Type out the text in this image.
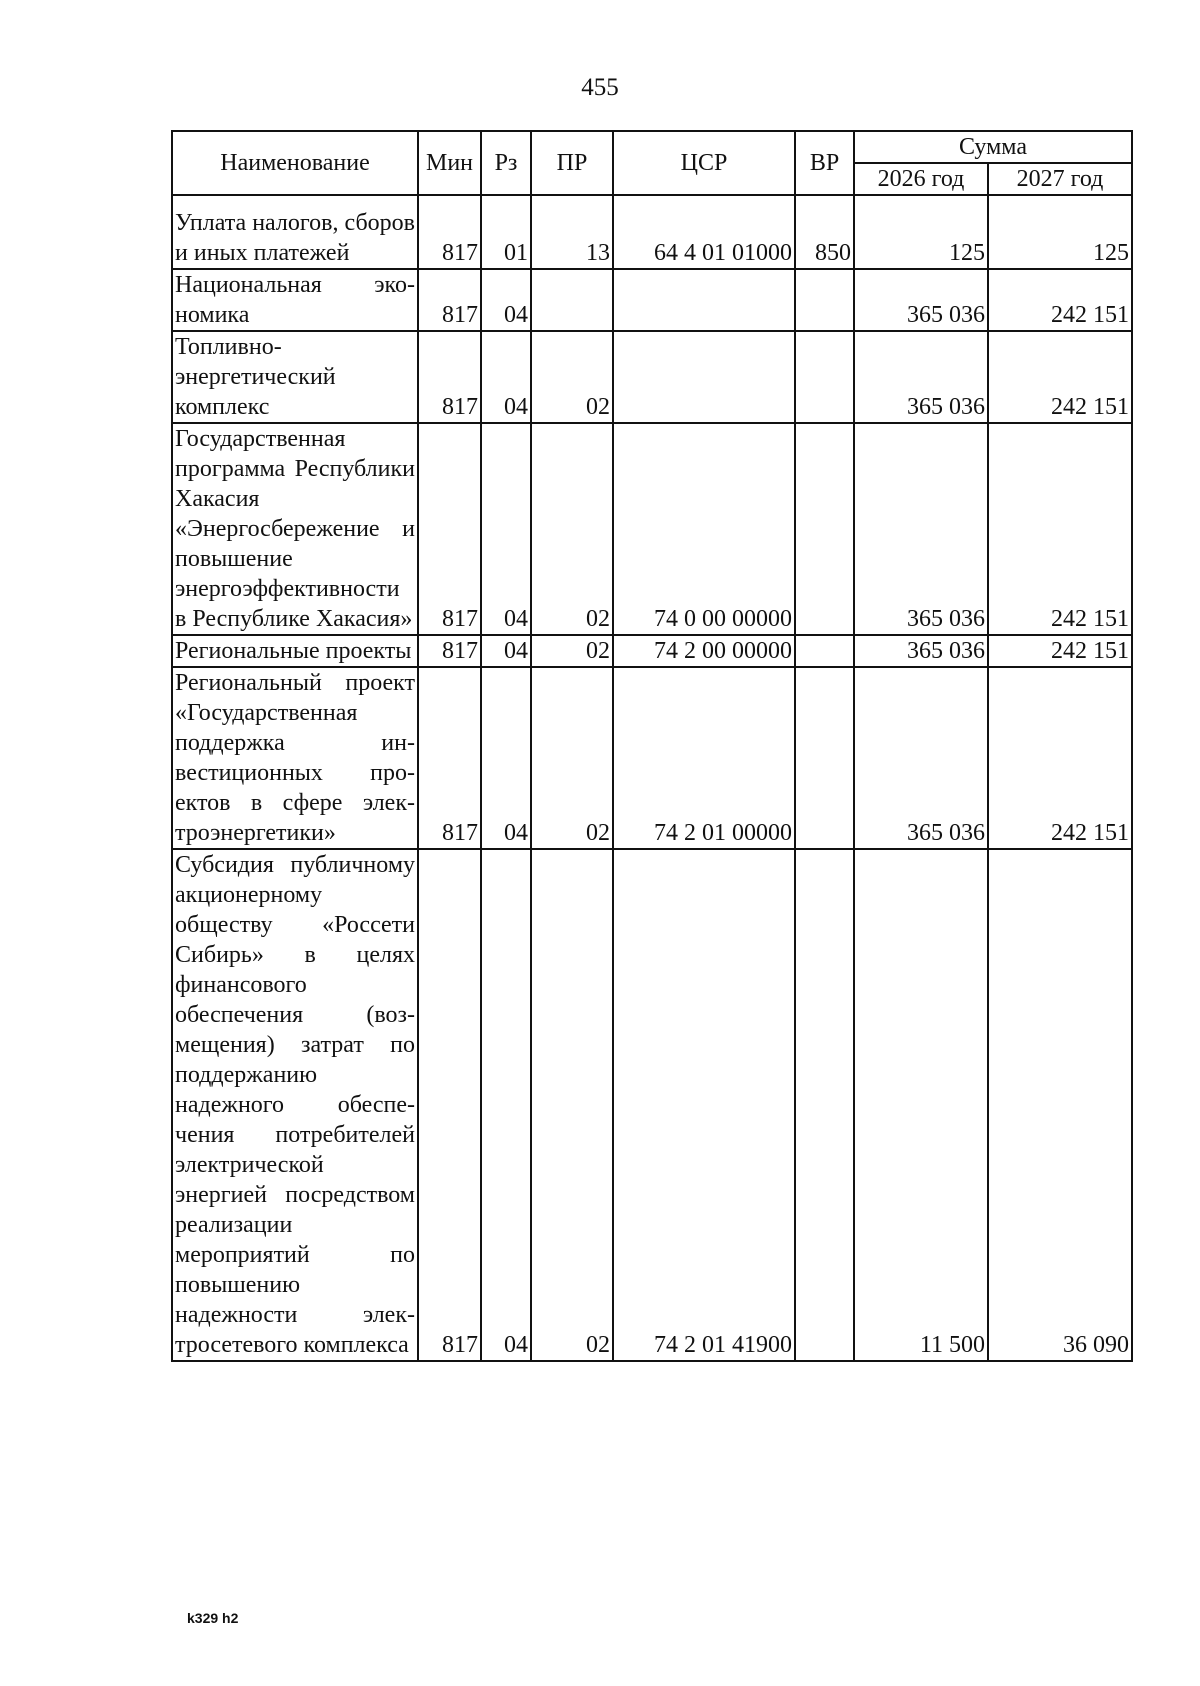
455
Наименование	Мин	Рз	ПР	ЦСР	ВР	Сумма	
						2026 год	2027 год
Уплата налогов, сборов и иных платежей	817	01	13	64 4 01 01000	850	125	125
Национальная экономика	817	04				365 036	242 151
Топливно-энергетический комплекс	817	04	02			365 036	242 151
Государственная программа Республики Хакасия «Энергосбережение и повышение энергоэффективности в Республике Хакасия»	817	04	02	74 0 00 00000		365 036	242 151
Региональные проекты	817	04	02	74 2 00 00000		365 036	242 151
Региональный проект «Государственная поддержка инвестиционных проектов в сфере электроэнергетики»	817	04	02	74 2 01 00000		365 036	242 151
Субсидия публичному акционерному обществу «Россети Сибирь» в целях финансового обеспечения (возмещения) затрат по поддержанию надежного обеспечения потребителей электрической энергией посредством реализации мероприятий по повышению надежности электросетевого комплекса	817	04	02	74 2 01 41900		11 500	36 090
k329 h2
